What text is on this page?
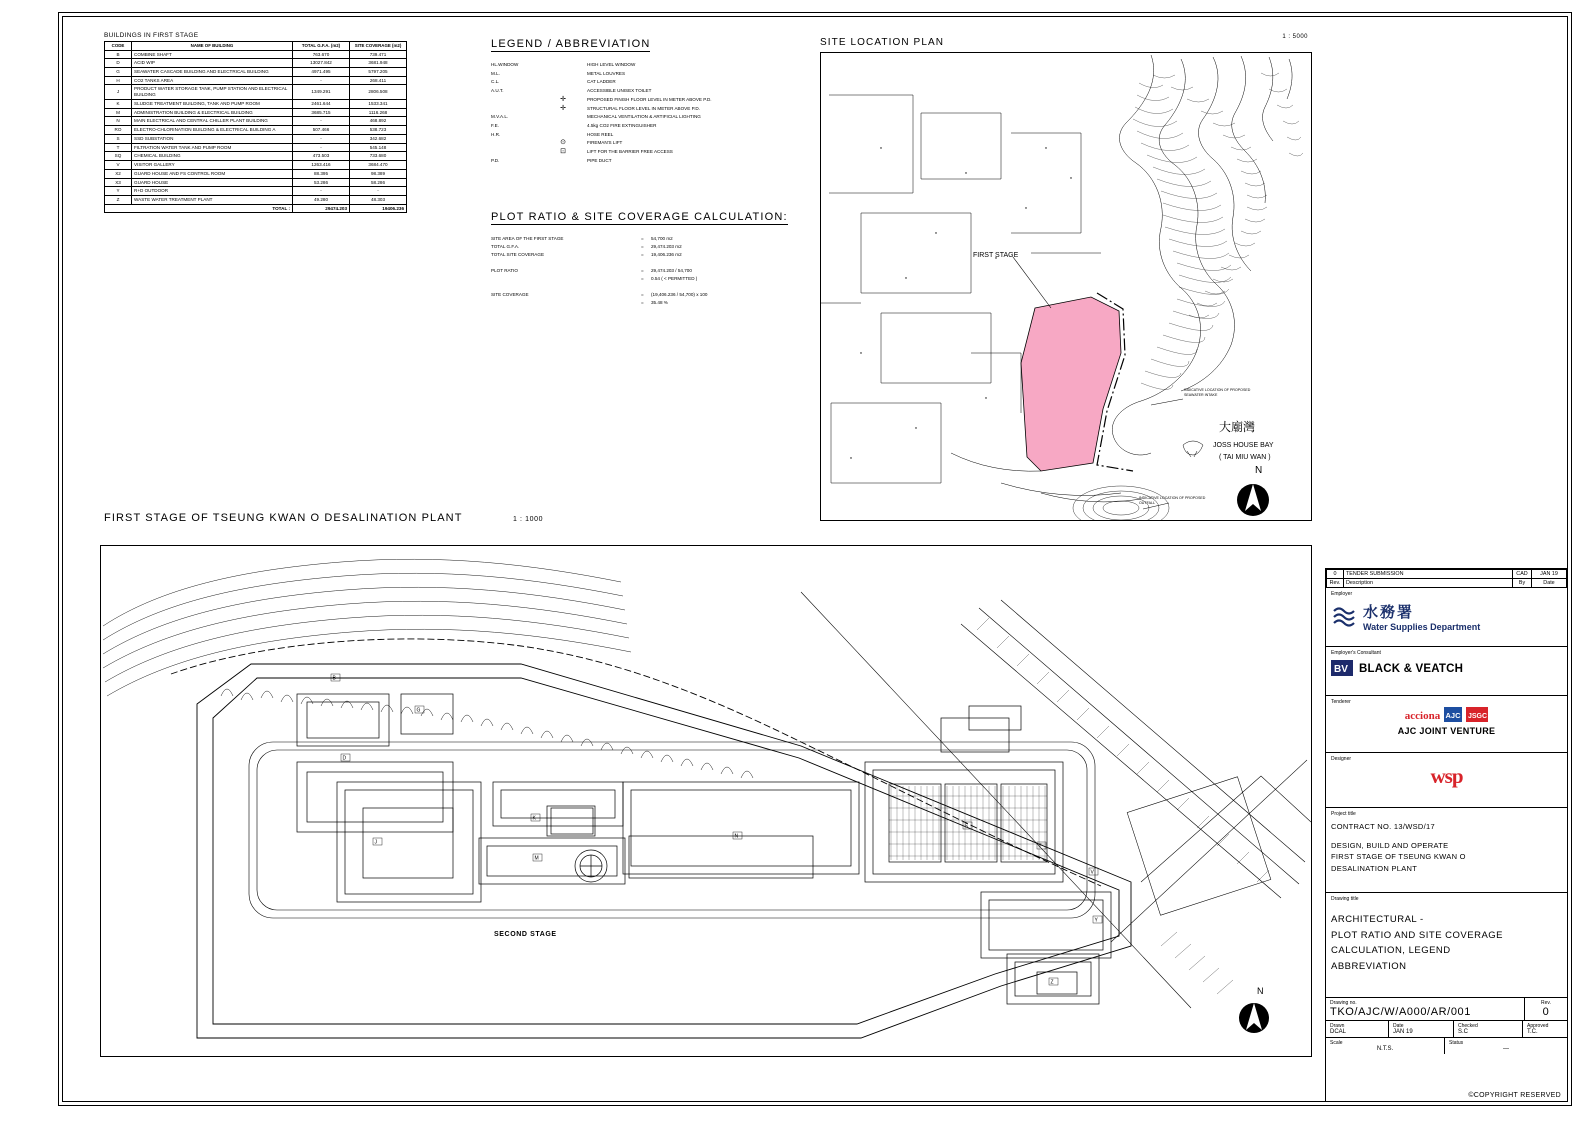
BUILDINGS IN FIRST STAGE
CODE	NAME OF BUILDING	TOTAL G.F.A. (m2)	SITE COVERAGE (m2)
B	COMBINE SHAFT	763.670	739.471
D	ACID WIP	13027.842	3681.948
G	SEAWATER CASCADE BUILDING AND ELECTRICAL BUILDING	4971.495	5797.205
H	CO2 TANKS AREA	-	268.411
J	PRODUCT WATER STORAGE TANK, PUMP STATION AND ELECTRICAL BUILDING	1349.291	2806.508
K	SLUDGE TREATMENT BUILDING, TANK AND PUMP ROOM	2461.644	1533.341
M	ADMINISTRATION BUILDING & ELECTRICAL BUILDING	3685.715	1116.268
N	MAIN ELECTRICAL AND CENTRAL CHILLER PLANT BUILDING	-	468.892
RO	ELECTRO-CHLORINATION BUILDING & ELECTRICAL BUILDING A	507.466	538.723
S	SSD SUBSTATION	-	342.682
T	FILTRATION WATER TANK AND PUMP ROOM	-	545.148
SQ	CHEMICAL BUILDING	473.503	733.680
V	VISITOR GALLERY	1263.416	3684.470
X2	GUARD HOUSE AND FS CONTROL ROOM	88.395	98.389
X3	GUARD HOUSE	53.286	58.286
Y	R+D OUTDOOR	-	-
Z	WASTE WATER TREATMENT PLANT	49.280	48.303
TOTAL :		29474.203	19406.236
LEGEND / ABBREVIATION
HL.WINDOW	HIGH LEVEL WINDOW
M.L.	METAL LOUVRES
C.L.	CAT LADDER
A.U.T.	ACCESSIBLE UNISEX TOILET
✛	PROPOSED FINISH FLOOR LEVEL IN METER ABOVE P.D.
✛	STRUCTURAL FLOOR LEVEL IN METER ABOVE P.D.
M.V.A.L.	MECHANICAL VENTILATION & ARTIFICIAL LIGHTING
F.E.	4.5kg CO2 FIRE EXTINGUISHER
H.R.	HOSE REEL
⊙	FIREMAN'S LIFT
⊡	LIFT FOR THE BARRIER FREE ACCESS
P.D.	PIPE DUCT
PLOT RATIO & SITE COVERAGE CALCULATION:
SITE AREA OF THE FIRST STAGE	=	54,700 m2
TOTAL G.F.A.	=	29,474.203 m2
TOTAL SITE COVERAGE	=	19,406.236 m2
PLOT RATIO	=	29,474.203 / 54,700
=	0.54 ( < PERMITTED )
SITE COVERAGE	=	(19,406.236 / 54,700) x 100
=	35.48 %
SITE LOCATION PLAN	1 : 5000
FIRST STAGE
INDICATIVE LOCATION OF PROPOSED
SEAWATER INTAKE
INDICATIVE LOCATION OF PROPOSED
OUTFALL
大廟灣
JOSS HOUSE BAY
( TAI MIU WAN )
N
FIRST STAGE OF TSEUNG KWAN O DESALINATION PLANT	1 : 1000
B
D
G
J
K
M
N
S
T
V
Y
Z
N
SECOND STAGE
0	TENDER SUBMISSION	CAD	JAN 19
Rev.	Description	By	Date
Employer
水務署
Water Supplies Department
Employer's Consultant
BV BLACK & VEATCH
Tenderer
acciona AJC JSGC
AJC JOINT VENTURE
Designer
wsp
Project title
CONTRACT NO. 13/WSD/17
DESIGN, BUILD AND OPERATE
FIRST STAGE OF TSEUNG KWAN O
DESALINATION PLANT
Drawing title
ARCHITECTURAL -
PLOT RATIO AND SITE COVERAGE
CALCULATION, LEGEND
ABBREVIATION
Drawing no.
TKO/AJC/W/A000/AR/001
Rev.
0
Drawn
DCAL
Date
JAN 19
Checked
S.C
Approved
T.C.
Scale
N.T.S.
Status
—
©COPYRIGHT RESERVED
